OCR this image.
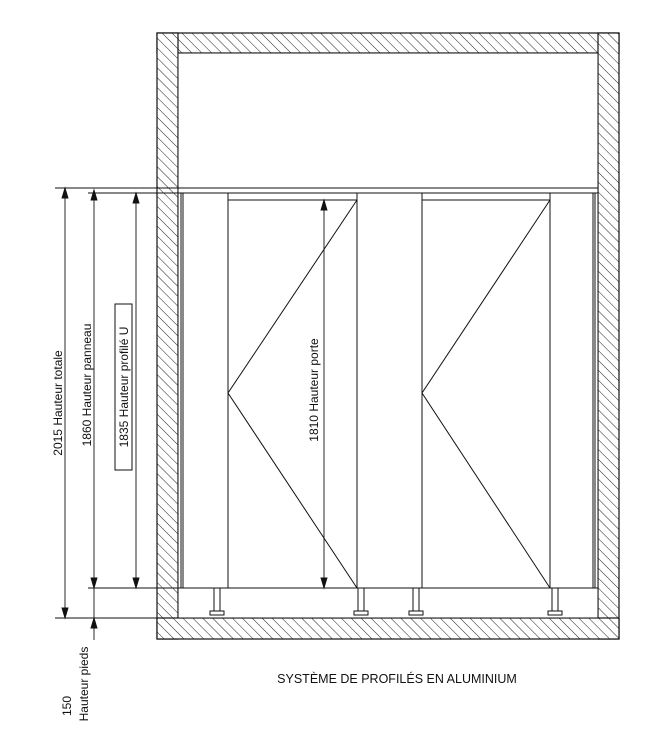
2015 Hauteur totale
1860 Hauteur panneau
1835 Hauteur profilé U
1810 Hauteur porte
150 Hauteur pieds	SYSTÈME DE PROFILÉS EN ALUMINIUM
